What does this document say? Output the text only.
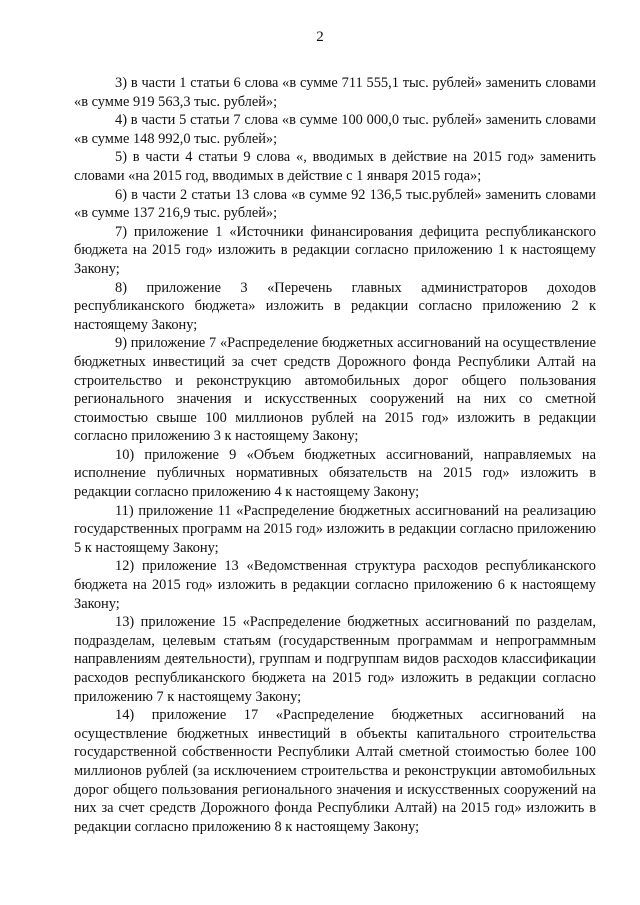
2

3) в части 1 статьи 6 слова «в сумме 711 555,1 тыс. рублей» заменить словами «в сумме 919 563,3 тыс. рублей»;

4) в части 5 статьи 7 слова «в сумме 100 000,0 тыс. рублей» заменить словами «в сумме 148 992,0 тыс. рублей»;

5) в части 4 статьи 9 слова «, вводимых в действие на 2015 год» заменить словами «на 2015 год, вводимых в действие с 1 января 2015 года»;

6) в части 2 статьи 13 слова «в сумме 92 136,5 тыс.рублей» заменить словами «в сумме 137 216,9 тыс. рублей»;

7) приложение 1 «Источники финансирования дефицита республиканского бюджета на 2015 год» изложить в редакции согласно приложению 1 к настоящему Закону;

8) приложение 3 «Перечень главных администраторов доходов республиканского бюджета» изложить в редакции согласно приложению 2 к настоящему Закону;

9) приложение 7 «Распределение бюджетных ассигнований на осуществление бюджетных инвестиций за счет средств Дорожного фонда Республики Алтай на строительство и реконструкцию автомобильных дорог общего пользования регионального значения и искусственных сооружений на них со сметной стоимостью свыше 100 миллионов рублей на 2015 год» изложить в редакции согласно приложению 3 к настоящему Закону;

10) приложение 9 «Объем бюджетных ассигнований, направляемых на исполнение публичных нормативных обязательств на 2015 год» изложить в редакции согласно приложению 4 к настоящему Закону;

11) приложение 11 «Распределение бюджетных ассигнований на реализацию государственных программ на 2015 год» изложить в редакции согласно приложению 5 к настоящему Закону;

12) приложение 13 «Ведомственная структура расходов республиканского бюджета на 2015 год» изложить в редакции согласно приложению 6 к настоящему Закону;

13) приложение 15 «Распределение бюджетных ассигнований по разделам, подразделам, целевым статьям (государственным программам и непрограммным направлениям деятельности), группам и подгруппам видов расходов классификации расходов республиканского бюджета на 2015 год» изложить в редакции согласно приложению 7 к настоящему Закону;

14) приложение 17 «Распределение бюджетных ассигнований на осуществление бюджетных инвестиций в объекты капитального строительства государственной собственности Республики Алтай сметной стоимостью более 100 миллионов рублей (за исключением строительства и реконструкции автомобильных дорог общего пользования регионального значения и искусственных сооружений на них за счет средств Дорожного фонда Республики Алтай) на 2015 год» изложить в редакции согласно приложению 8 к настоящему Закону;
